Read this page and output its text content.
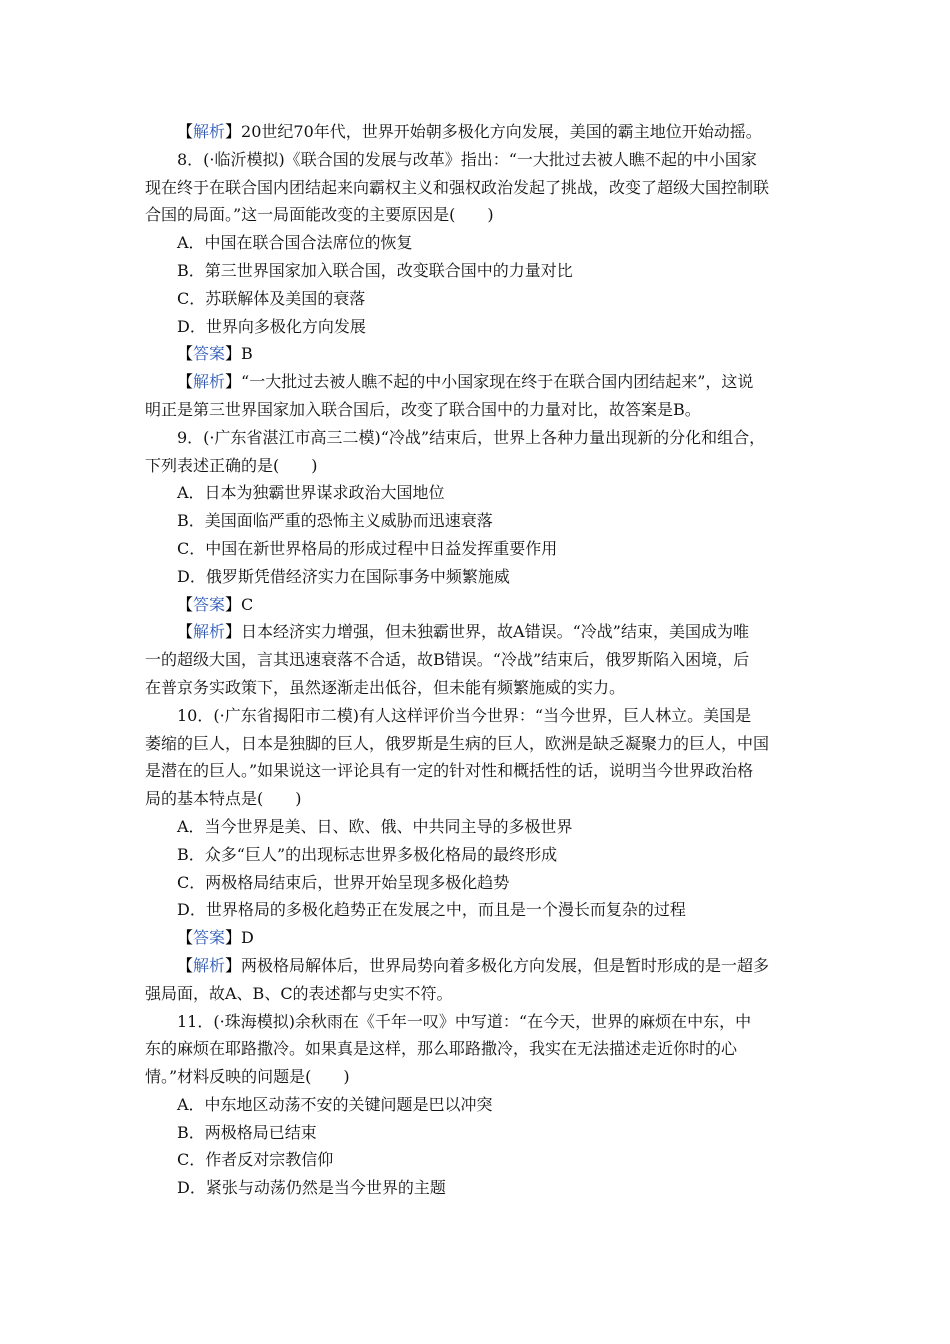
【解析】20世纪70年代，世界开始朝多极化方向发展，美国的霸主地位开始动摇。
8．(·临沂模拟)《联合国的发展与改革》指出：“一大批过去被人瞧不起的中小国家
现在终于在联合国内团结起来向霸权主义和强权政治发起了挑战，改变了超级大国控制联
合国的局面。”这一局面能改变的主要原因是(　　)
A．中国在联合国合法席位的恢复
B．第三世界国家加入联合国，改变联合国中的力量对比
C．苏联解体及美国的衰落
D．世界向多极化方向发展
【答案】B
【解析】“一大批过去被人瞧不起的中小国家现在终于在联合国内团结起来”，这说
明正是第三世界国家加入联合国后，改变了联合国中的力量对比，故答案是B。
9．(·广东省湛江市高三二模)“冷战”结束后，世界上各种力量出现新的分化和组合，
下列表述正确的是(　　)
A．日本为独霸世界谋求政治大国地位
B．美国面临严重的恐怖主义威胁而迅速衰落
C．中国在新世界格局的形成过程中日益发挥重要作用
D．俄罗斯凭借经济实力在国际事务中频繁施威
【答案】C
【解析】日本经济实力增强，但未独霸世界，故A错误。“冷战”结束，美国成为唯
一的超级大国，言其迅速衰落不合适，故B错误。“冷战”结束后，俄罗斯陷入困境，后
在普京务实政策下，虽然逐渐走出低谷，但未能有频繁施威的实力。
10．(·广东省揭阳市二模)有人这样评价当今世界：“当今世界，巨人林立。美国是
萎缩的巨人，日本是独脚的巨人，俄罗斯是生病的巨人，欧洲是缺乏凝聚力的巨人，中国
是潜在的巨人。”如果说这一评论具有一定的针对性和概括性的话，说明当今世界政治格
局的基本特点是(　　)
A．当今世界是美、日、欧、俄、中共同主导的多极世界
B．众多“巨人”的出现标志世界多极化格局的最终形成
C．两极格局结束后，世界开始呈现多极化趋势
D．世界格局的多极化趋势正在发展之中，而且是一个漫长而复杂的过程
【答案】D
【解析】两极格局解体后，世界局势向着多极化方向发展，但是暂时形成的是一超多
强局面，故A、B、C的表述都与史实不符。
11．(·珠海模拟)余秋雨在《千年一叹》中写道：“在今天，世界的麻烦在中东，中
东的麻烦在耶路撒冷。如果真是这样，那么耶路撒冷，我实在无法描述走近你时的心
情。”材料反映的问题是(　　)
A．中东地区动荡不安的关键问题是巴以冲突
B．两极格局已结束
C．作者反对宗教信仰
D．紧张与动荡仍然是当今世界的主题
